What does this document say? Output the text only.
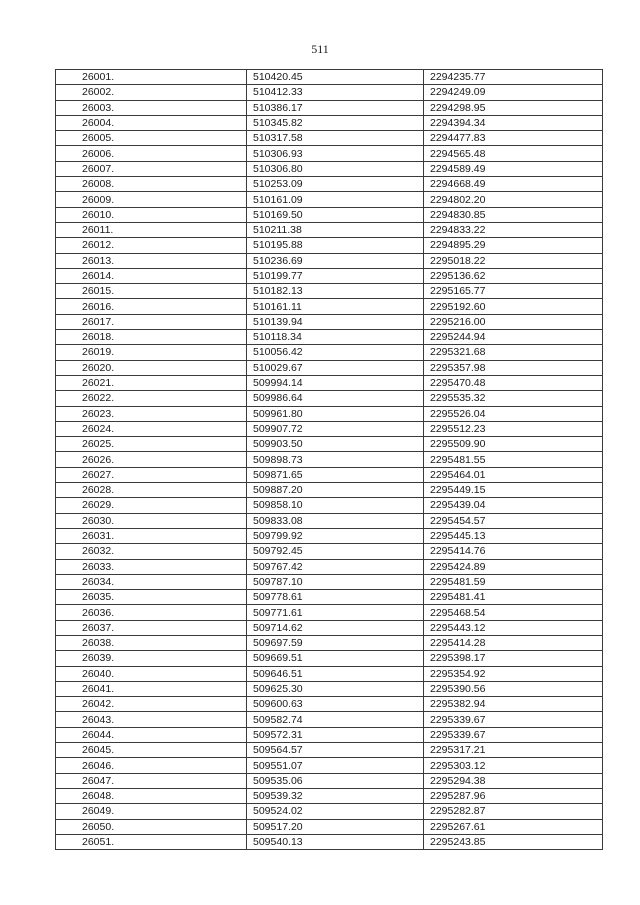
511
26001.	510420.45	2294235.77
26002.	510412.33	2294249.09
26003.	510386.17	2294298.95
26004.	510345.82	2294394.34
26005.	510317.58	2294477.83
26006.	510306.93	2294565.48
26007.	510306.80	2294589.49
26008.	510253.09	2294668.49
26009.	510161.09	2294802.20
26010.	510169.50	2294830.85
26011.	510211.38	2294833.22
26012.	510195.88	2294895.29
26013.	510236.69	2295018.22
26014.	510199.77	2295136.62
26015.	510182.13	2295165.77
26016.	510161.11	2295192.60
26017.	510139.94	2295216.00
26018.	510118.34	2295244.94
26019.	510056.42	2295321.68
26020.	510029.67	2295357.98
26021.	509994.14	2295470.48
26022.	509986.64	2295535.32
26023.	509961.80	2295526.04
26024.	509907.72	2295512.23
26025.	509903.50	2295509.90
26026.	509898.73	2295481.55
26027.	509871.65	2295464.01
26028.	509887.20	2295449.15
26029.	509858.10	2295439.04
26030.	509833.08	2295454.57
26031.	509799.92	2295445.13
26032.	509792.45	2295414.76
26033.	509767.42	2295424.89
26034.	509787.10	2295481.59
26035.	509778.61	2295481.41
26036.	509771.61	2295468.54
26037.	509714.62	2295443.12
26038.	509697.59	2295414.28
26039.	509669.51	2295398.17
26040.	509646.51	2295354.92
26041.	509625.30	2295390.56
26042.	509600.63	2295382.94
26043.	509582.74	2295339.67
26044.	509572.31	2295339.67
26045.	509564.57	2295317.21
26046.	509551.07	2295303.12
26047.	509535.06	2295294.38
26048.	509539.32	2295287.96
26049.	509524.02	2295282.87
26050.	509517.20	2295267.61
26051.	509540.13	2295243.85
